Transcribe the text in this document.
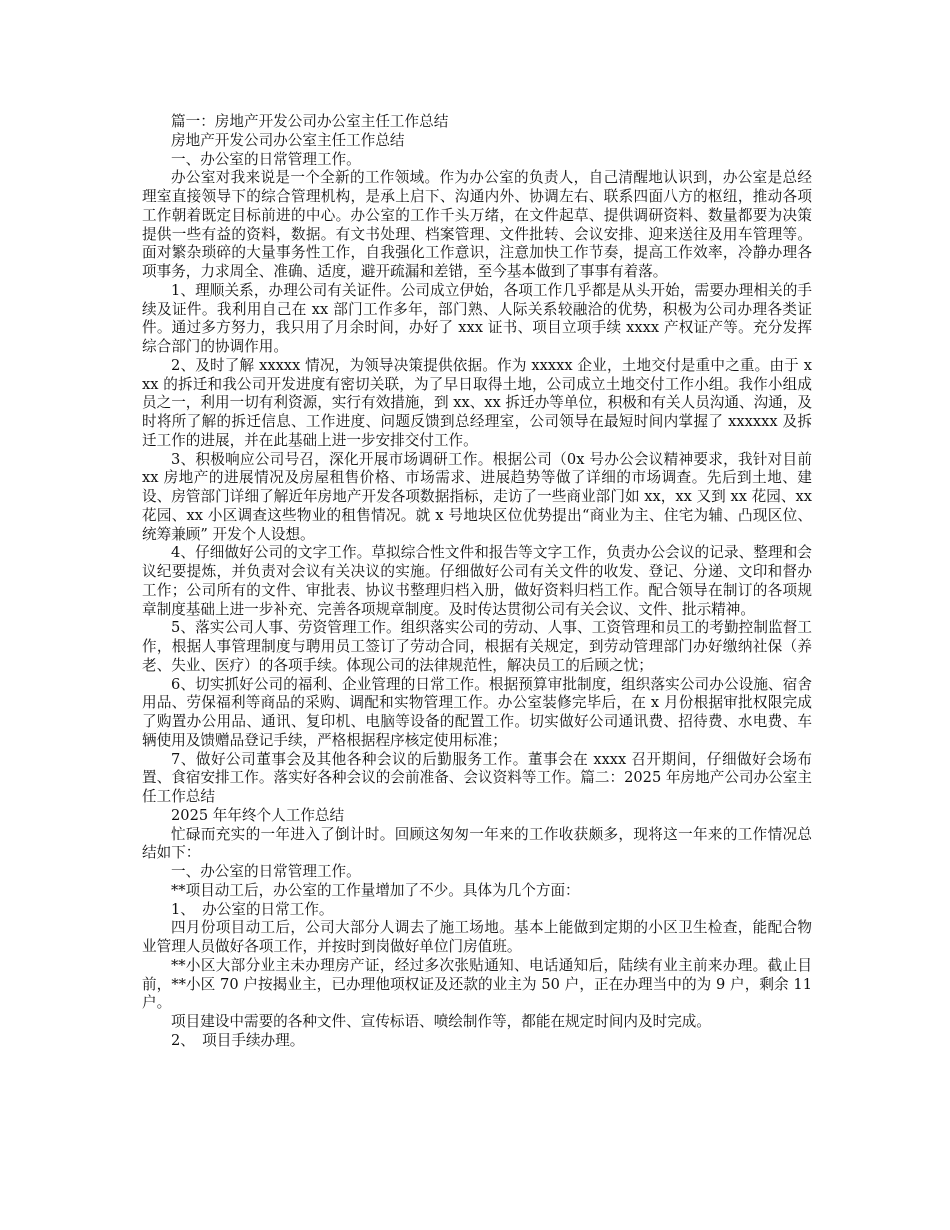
篇一：房地产开发公司办公室主任工作总结

房地产开发公司办公室主任工作总结

一、办公室的日常管理工作。

办公室对我来说是一个全新的工作领域。作为办公室的负责人，自己清醒地认识到，办公室是总经理室直接领导下的综合管理机构，是承上启下、沟通内外、协调左右、联系四面八方的枢纽，推动各项工作朝着既定目标前进的中心。办公室的工作千头万绪，在文件起草、提供调研资料、数量都要为决策提供一些有益的资料，数据。有文书处理、档案管理、文件批转、会议安排、迎来送往及用车管理等。面对繁杂琐碎的大量事务性工作，自我强化工作意识，注意加快工作节奏，提高工作效率，冷静办理各项事务，力求周全、准确、适度，避开疏漏和差错，至今基本做到了事事有着落。

1、理顺关系，办理公司有关证件。公司成立伊始，各项工作几乎都是从头开始，需要办理相关的手续及证件。我利用自己在 xx 部门工作多年，部门熟、人际关系较融洽的优势，积极为公司办理各类证件。通过多方努力，我只用了月余时间，办好了 xxx 证书、项目立项手续 xxxx 产权证产等。充分发挥综合部门的协调作用。

2、及时了解 xxxxx 情况，为领导决策提供依据。作为 xxxxx 企业，土地交付是重中之重。由于 xxx 的拆迁和我公司开发进度有密切关联，为了早日取得土地，公司成立土地交付工作小组。我作小组成员之一，利用一切有利资源，实行有效措施，到 xx、xx 拆迁办等单位，积极和有关人员沟通、沟通，及时将所了解的拆迁信息、工作进度、问题反馈到总经理室，公司领导在最短时间内掌握了 xxxxxx 及拆迁工作的进展，并在此基础上进一步安排交付工作。

3、积极响应公司号召，深化开展市场调研工作。根据公司（0x 号办公会议精神要求，我针对目前 xx 房地产的进展情况及房屋租售价格、市场需求、进展趋势等做了详细的市场调查。先后到土地、建设、房管部门详细了解近年房地产开发各项数据指标，走访了一些商业部门如 xx，xx 又到 xx 花园、xx 花园、xx 小区调查这些物业的租售情况。就 x 号地块区位优势提出“商业为主、住宅为辅、凸现区位、统筹兼顾” 开发个人设想。

4、仔细做好公司的文字工作。草拟综合性文件和报告等文字工作，负责办公会议的记录、整理和会议纪要提炼，并负责对会议有关决议的实施。仔细做好公司有关文件的收发、登记、分递、文印和督办工作；公司所有的文件、审批表、协议书整理归档入册，做好资料归档工作。配合领导在制订的各项规章制度基础上进一步补充、完善各项规章制度。及时传达贯彻公司有关会议、文件、批示精神。

5、落实公司人事、劳资管理工作。组织落实公司的劳动、人事、工资管理和员工的考勤控制监督工作，根据人事管理制度与聘用员工签订了劳动合同，根据有关规定，到劳动管理部门办好缴纳社保（养老、失业、医疗）的各项手续。体现公司的法律规范性，解决员工的后顾之忧；

6、切实抓好公司的福利、企业管理的日常工作。根据预算审批制度，组织落实公司办公设施、宿舍用品、劳保福利等商品的采购、调配和实物管理工作。办公室装修完毕后，在 x 月份根据审批权限完成了购置办公用品、通讯、复印机、电脑等设备的配置工作。切实做好公司通讯费、招待费、水电费、车辆使用及馈赠品登记手续，严格根据程序核定使用标准；

7、做好公司董事会及其他各种会议的后勤服务工作。董事会在 xxxx 召开期间，仔细做好会场布置、食宿安排工作。落实好各种会议的会前准备、会议资料等工作。篇二：2025 年房地产公司办公室主任工作总结

2025 年年终个人工作总结

忙碌而充实的一年进入了倒计时。回顾这匆匆一年来的工作收获颇多，现将这一年来的工作情况总结如下：

一、办公室的日常管理工作。

**项目动工后，办公室的工作量增加了不少。具体为几个方面：

1、　办公室的日常工作。

四月份项目动工后，公司大部分人调去了施工场地。基本上能做到定期的小区卫生检查，能配合物业管理人员做好各项工作，并按时到岗做好单位门房值班。

**小区大部分业主未办理房产证，经过多次张贴通知、电话通知后，陆续有业主前来办理。截止目前，**小区 70 户按揭业主，已办理他项权证及还款的业主为 50 户，正在办理当中的为 9 户，剩余 11 户。

项目建设中需要的各种文件、宣传标语、喷绘制作等，都能在规定时间内及时完成。

2、　项目手续办理。
